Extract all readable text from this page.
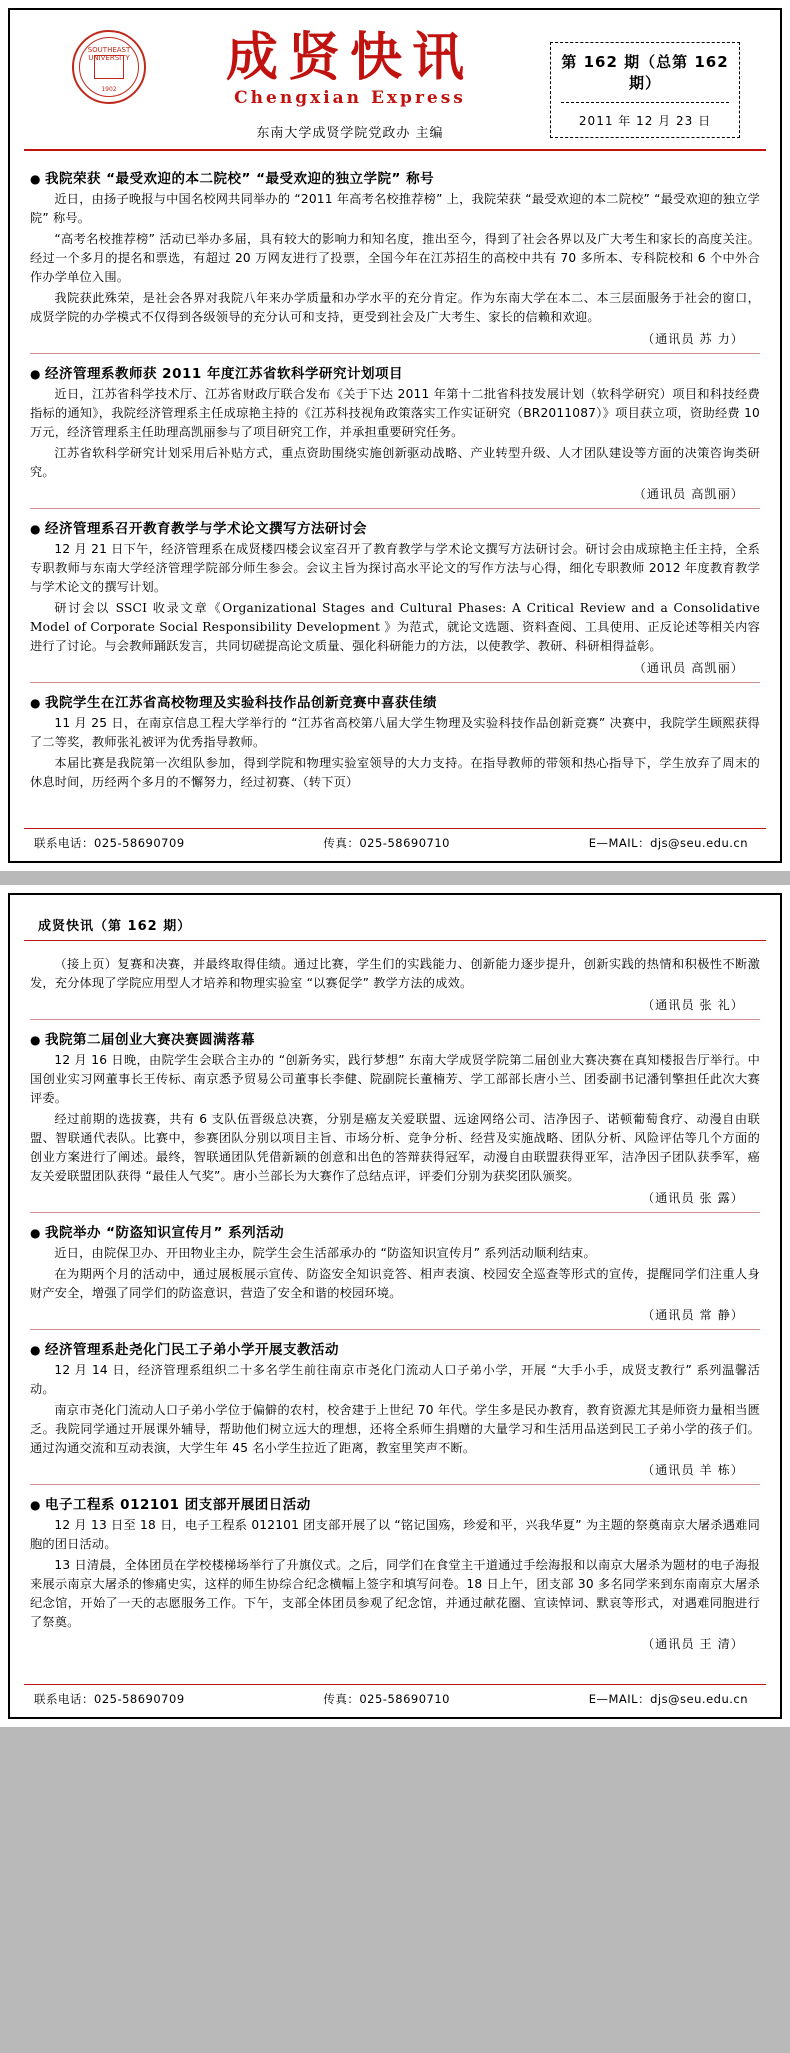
SOUTHEAST UNIVERSITY
1902
成贤快讯
Chengxian Express
东南大学成贤学院党政办 主编
第 162 期（总第 162 期）
2011 年 12 月 23 日
● 我院荣获 “最受欢迎的本二院校” “最受欢迎的独立学院” 称号

近日，由扬子晚报与中国名校网共同举办的 “2011 年高考名校推荐榜” 上，我院荣获 “最受欢迎的本二院校” “最受欢迎的独立学院” 称号。

“高考名校推荐榜” 活动已举办多届，具有较大的影响力和知名度，推出至今，得到了社会各界以及广大考生和家长的高度关注。经过一个多月的提名和票选，有超过 20 万网友进行了投票，全国今年在江苏招生的高校中共有 70 多所本、专科院校和 6 个中外合作办学单位入围。

我院获此殊荣，是社会各界对我院八年来办学质量和办学水平的充分肯定。作为东南大学在本二、本三层面服务于社会的窗口，成贤学院的办学模式不仅得到各级领导的充分认可和支持，更受到社会及广大考生、家长的信赖和欢迎。

（通讯员 苏 力）
● 经济管理系教师获 2011 年度江苏省软科学研究计划项目

近日，江苏省科学技术厅、江苏省财政厅联合发布《关于下达 2011 年第十二批省科技发展计划（软科学研究）项目和科技经费指标的通知》，我院经济管理系主任成琼艳主持的《江苏科技视角政策落实工作实证研究（BR2011087）》项目获立项，资助经费 10 万元，经济管理系主任助理高凯丽参与了项目研究工作，并承担重要研究任务。

江苏省软科学研究计划采用后补贴方式，重点资助围绕实施创新驱动战略、产业转型升级、人才团队建设等方面的决策咨询类研究。

（通讯员 高凯丽）
● 经济管理系召开教育教学与学术论文撰写方法研讨会

12 月 21 日下午，经济管理系在成贤楼四楼会议室召开了教育教学与学术论文撰写方法研讨会。研讨会由成琼艳主任主持，全系专职教师与东南大学经济管理学院部分师生参会。会议主旨为探讨高水平论文的写作方法与心得，细化专职教师 2012 年度教育教学与学术论文的撰写计划。

研讨会以 SSCI 收录文章《Organizational Stages and Cultural Phases: A Critical Review and a Consolidative Model of Corporate Social Responsibility Development 》为范式，就论文选题、资料查阅、工具使用、正反论述等相关内容进行了讨论。与会教师踊跃发言，共同切磋提高论文质量、强化科研能力的方法，以使教学、教研、科研相得益彰。

（通讯员 高凯丽）
● 我院学生在江苏省高校物理及实验科技作品创新竞赛中喜获佳绩

11 月 25 日，在南京信息工程大学举行的 “江苏省高校第八届大学生物理及实验科技作品创新竞赛” 决赛中，我院学生顾熙获得了二等奖，教师张礼被评为优秀指导教师。

本届比赛是我院第一次组队参加，得到学院和物理实验室领导的大力支持。在指导教师的带领和热心指导下，学生放弃了周末的休息时间，历经两个多月的不懈努力，经过初赛、（转下页）

联系电话：025-58690709	传真：025-58690710	E—MAIL：djs@seu.edu.cn
成贤快讯（第 162 期）

（接上页）复赛和决赛，并最终取得佳绩。通过比赛，学生们的实践能力、创新能力逐步提升，创新实践的热情和积极性不断激发，充分体现了学院应用型人才培养和物理实验室 “以赛促学” 教学方法的成效。

（通讯员 张 礼）
● 我院第二届创业大赛决赛圆满落幕

12 月 16 日晚，由院学生会联合主办的 “创新务实，践行梦想” 东南大学成贤学院第二届创业大赛决赛在真知楼报告厅举行。中国创业实习网董事长王传标、南京悉予贸易公司董事长李健、院副院长董楠芳、学工部部长唐小兰、团委副书记潘钊擎担任此次大赛评委。

经过前期的选拔赛，共有 6 支队伍晋级总决赛，分别是癌友关爱联盟、远途网络公司、洁净因子、诺顿葡萄食疗、动漫自由联盟、智联通代表队。比赛中，参赛团队分别以项目主旨、市场分析、竞争分析、经营及实施战略、团队分析、风险评估等几个方面的创业方案进行了阐述。最终，智联通团队凭借新颖的创意和出色的答辩获得冠军，动漫自由联盟获得亚军，洁净因子团队获季军，癌友关爱联盟团队获得 “最佳人气奖”。唐小兰部长为大赛作了总结点评，评委们分别为获奖团队颁奖。

（通讯员 张 露）
● 我院举办 “防盗知识宣传月” 系列活动

近日，由院保卫办、开田物业主办，院学生会生活部承办的 “防盗知识宣传月” 系列活动顺利结束。

在为期两个月的活动中，通过展板展示宣传、防盗安全知识竞答、相声表演、校园安全巡查等形式的宣传，提醒同学们注重人身财产安全，增强了同学们的防盗意识，营造了安全和谐的校园环境。

（通讯员 常 静）
● 经济管理系赴尧化门民工子弟小学开展支教活动

12 月 14 日，经济管理系组织二十多名学生前往南京市尧化门流动人口子弟小学，开展 “大手小手，成贤支教行” 系列温馨活动。

南京市尧化门流动人口子弟小学位于偏僻的农村，校舍建于上世纪 70 年代。学生多是民办教育，教育资源尤其是师资力量相当匮乏。我院同学通过开展课外辅导，帮助他们树立远大的理想，还将全系师生捐赠的大量学习和生活用品送到民工子弟小学的孩子们。通过沟通交流和互动表演，大学生年 45 名小学生拉近了距离，教室里笑声不断。

（通讯员 羊 栋）
● 电子工程系 012101 团支部开展团日活动

12 月 13 日至 18 日，电子工程系 012101 团支部开展了以 “铭记国殇，珍爱和平，兴我华夏” 为主题的祭奠南京大屠杀遇难同胞的团日活动。

13 日清晨，全体团员在学校楼梯场举行了升旗仪式。之后，同学们在食堂主干道通过手绘海报和以南京大屠杀为题材的电子海报来展示南京大屠杀的惨痛史实，这样的师生协综合纪念横幅上签字和填写问卷。18 日上午，团支部 30 多名同学来到东南南京大屠杀纪念馆，开始了一天的志愿服务工作。下午，支部全体团员参观了纪念馆，并通过献花圈、宣读悼词、默哀等形式，对遇难同胞进行了祭奠。

（通讯员 王 清）
联系电话：025-58690709	传真：025-58690710	E—MAIL：djs@seu.edu.cn
